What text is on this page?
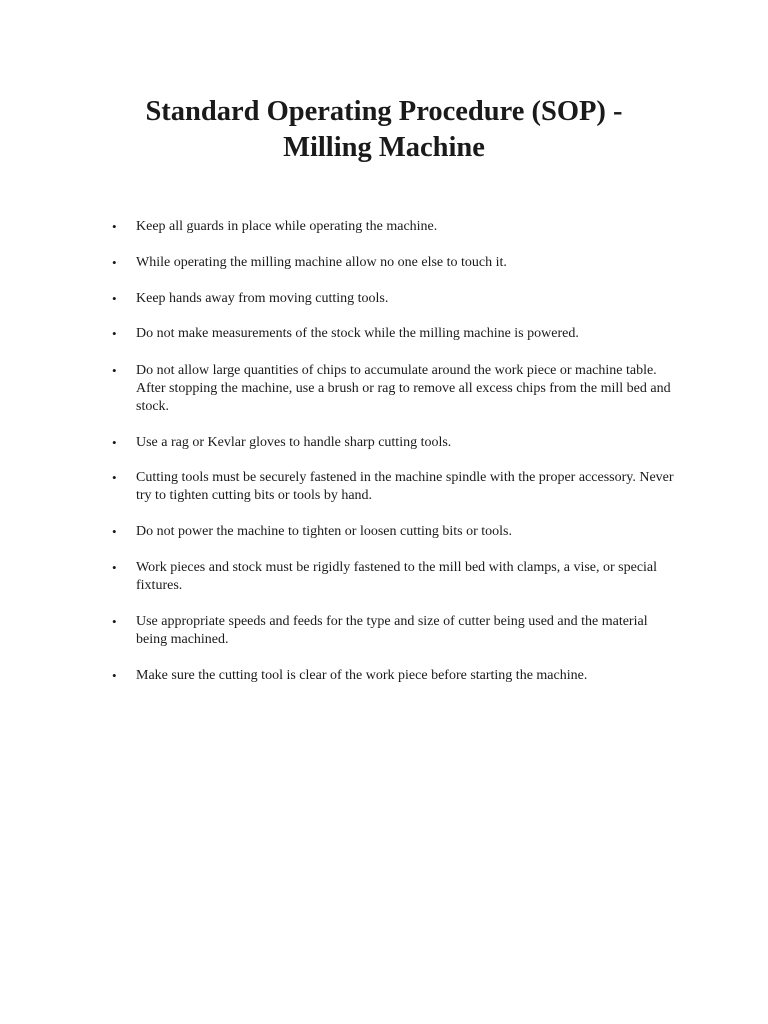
Standard Operating Procedure (SOP) -
Milling Machine
•	Keep all guards in place while operating the machine.
•	While operating the milling machine allow no one else to touch it.
•	Keep hands away from moving cutting tools.
•	Do not make measurements of the stock while the milling machine is powered.
•	Do not allow large quantities of chips to accumulate around the work piece or machine table. After stopping the machine, use a brush or rag to remove all excess chips from the mill bed and stock.
•	Use a rag or Kevlar gloves to handle sharp cutting tools.
•	Cutting tools must be securely fastened in the machine spindle with the proper accessory. Never try to tighten cutting bits or tools by hand.
•	Do not power the machine to tighten or loosen cutting bits or tools.
•	Work pieces and stock must be rigidly fastened to the mill bed with clamps, a vise, or special fixtures.
•	Use appropriate speeds and feeds for the type and size of cutter being used and the material being machined.
•	Make sure the cutting tool is clear of the work piece before starting the machine.
